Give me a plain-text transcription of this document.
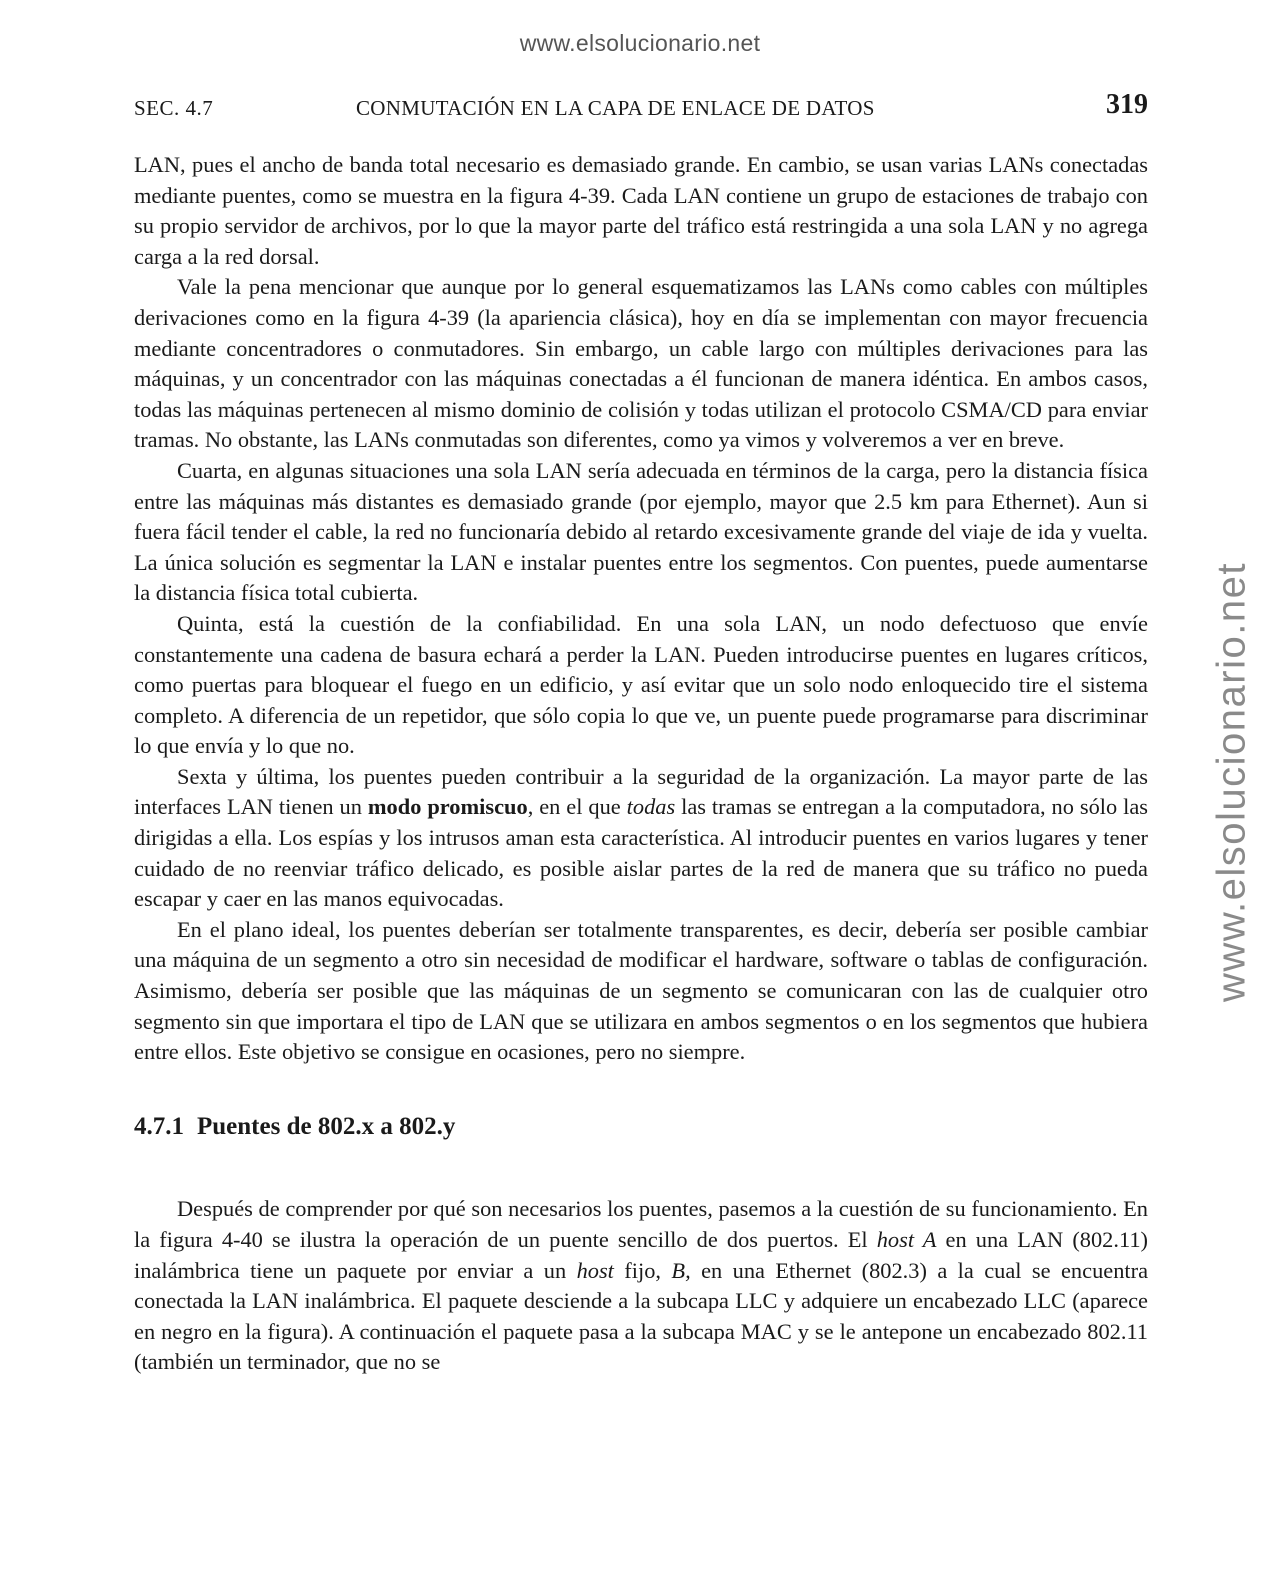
www.elsolucionario.net
www.elsolucionario.net
SEC. 4.7	CONMUTACIÓN EN LA CAPA DE ENLACE DE DATOS	319

LAN, pues el ancho de banda total necesario es demasiado grande. En cambio, se usan varias LANs conectadas mediante puentes, como se muestra en la figura 4-39. Cada LAN contiene un grupo de estaciones de trabajo con su propio servidor de archivos, por lo que la mayor parte del tráfico está restringida a una sola LAN y no agrega carga a la red dorsal.

Vale la pena mencionar que aunque por lo general esquematizamos las LANs como cables con múltiples derivaciones como en la figura 4-39 (la apariencia clásica), hoy en día se implementan con mayor frecuencia mediante concentradores o conmutadores. Sin embargo, un cable largo con múltiples derivaciones para las máquinas, y un concentrador con las máquinas conectadas a él funcionan de manera idéntica. En ambos casos, todas las máquinas pertenecen al mismo dominio de colisión y todas utilizan el protocolo CSMA/CD para enviar tramas. No obstante, las LANs conmutadas son diferentes, como ya vimos y volveremos a ver en breve.

Cuarta, en algunas situaciones una sola LAN sería adecuada en términos de la carga, pero la distancia física entre las máquinas más distantes es demasiado grande (por ejemplo, mayor que 2.5 km para Ethernet). Aun si fuera fácil tender el cable, la red no funcionaría debido al retardo excesivamente grande del viaje de ida y vuelta. La única solución es segmentar la LAN e instalar puentes entre los segmentos. Con puentes, puede aumentarse la distancia física total cubierta.

Quinta, está la cuestión de la confiabilidad. En una sola LAN, un nodo defectuoso que envíe constantemente una cadena de basura echará a perder la LAN. Pueden introducirse puentes en lugares críticos, como puertas para bloquear el fuego en un edificio, y así evitar que un solo nodo enloquecido tire el sistema completo. A diferencia de un repetidor, que sólo copia lo que ve, un puente puede programarse para discriminar lo que envía y lo que no.

Sexta y última, los puentes pueden contribuir a la seguridad de la organización. La mayor parte de las interfaces LAN tienen un modo promiscuo, en el que todas las tramas se entregan a la computadora, no sólo las dirigidas a ella. Los espías y los intrusos aman esta característica. Al introducir puentes en varios lugares y tener cuidado de no reenviar tráfico delicado, es posible aislar partes de la red de manera que su tráfico no pueda escapar y caer en las manos equivocadas.

En el plano ideal, los puentes deberían ser totalmente transparentes, es decir, debería ser posible cambiar una máquina de un segmento a otro sin necesidad de modificar el hardware, software o tablas de configuración. Asimismo, debería ser posible que las máquinas de un segmento se comunicaran con las de cualquier otro segmento sin que importara el tipo de LAN que se utilizara en ambos segmentos o en los segmentos que hubiera entre ellos. Este objetivo se consigue en ocasiones, pero no siempre.

4.7.1 Puentes de 802.x a 802.y

Después de comprender por qué son necesarios los puentes, pasemos a la cuestión de su funcionamiento. En la figura 4-40 se ilustra la operación de un puente sencillo de dos puertos. El host A en una LAN (802.11) inalámbrica tiene un paquete por enviar a un host fijo, B, en una Ethernet (802.3) a la cual se encuentra conectada la LAN inalámbrica. El paquete desciende a la subcapa LLC y adquiere un encabezado LLC (aparece en negro en la figura). A continuación el paquete pasa a la subcapa MAC y se le antepone un encabezado 802.11 (también un terminador, que no se
